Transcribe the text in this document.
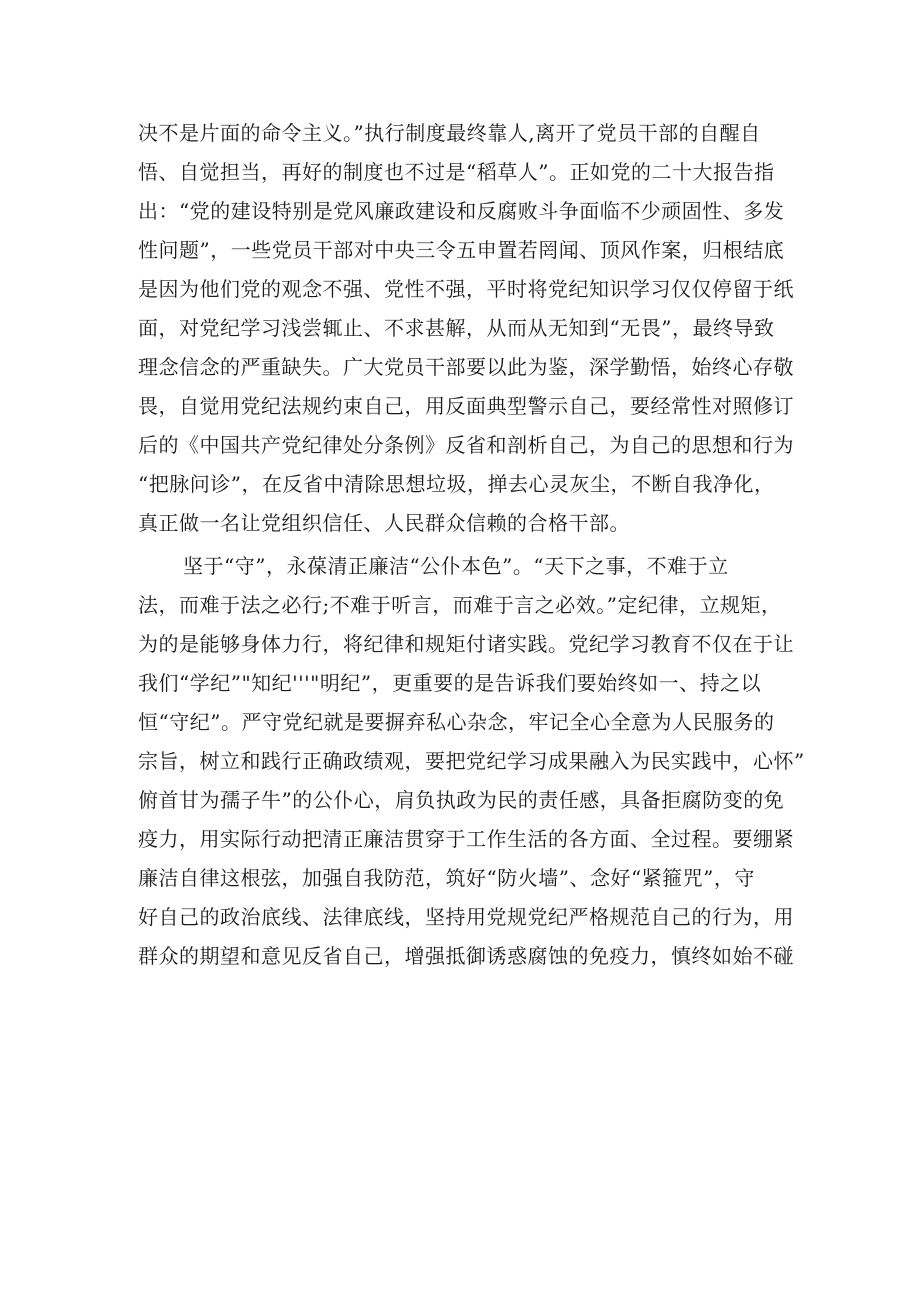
决不是片面的命令主义。”执行制度最终靠人,离开了党员干部的自醒自
悟、自觉担当，再好的制度也不过是“稻草人”。正如党的二十大报告指
出：“党的建设特别是党风廉政建设和反腐败斗争面临不少顽固性、多发
性问题”，一些党员干部对中央三令五申置若罔闻、顶风作案，归根结底
是因为他们党的观念不强、党性不强，平时将党纪知识学习仅仅停留于纸
面，对党纪学习浅尝辄止、不求甚解，从而从无知到“无畏”，最终导致
理念信念的严重缺失。广大党员干部要以此为鉴，深学勤悟，始终心存敬
畏，自觉用党纪法规约束自己，用反面典型警示自己，要经常性对照修订
后的《中国共产党纪律处分条例》反省和剖析自己，为自己的思想和行为
“把脉问诊”，在反省中清除思想垃圾，掸去心灵灰尘，不断自我净化，
真正做一名让党组织信任、人民群众信赖的合格干部。
坚于“守”，永葆清正廉洁“公仆本色”。“天下之事，不难于立
法，而难于法之必行;不难于听言，而难于言之必效。”定纪律，立规矩，
为的是能够身体力行，将纪律和规矩付诸实践。党纪学习教育不仅在于让
我们“学纪”"知纪'''"明纪”，更重要的是告诉我们要始终如一、持之以
恒“守纪”。严守党纪就是要摒弃私心杂念，牢记全心全意为人民服务的
宗旨，树立和践行正确政绩观，要把党纪学习成果融入为民实践中，心怀”
俯首甘为孺子牛”的公仆心，肩负执政为民的责任感，具备拒腐防变的免
疫力，用实际行动把清正廉洁贯穿于工作生活的各方面、全过程。要绷紧
廉洁自律这根弦，加强自我防范，筑好“防火墙”、念好“紧箍咒”，守
好自己的政治底线、法律底线，坚持用党规党纪严格规范自己的行为，用
群众的期望和意见反省自己，增强抵御诱惑腐蚀的免疫力，慎终如始不碰
